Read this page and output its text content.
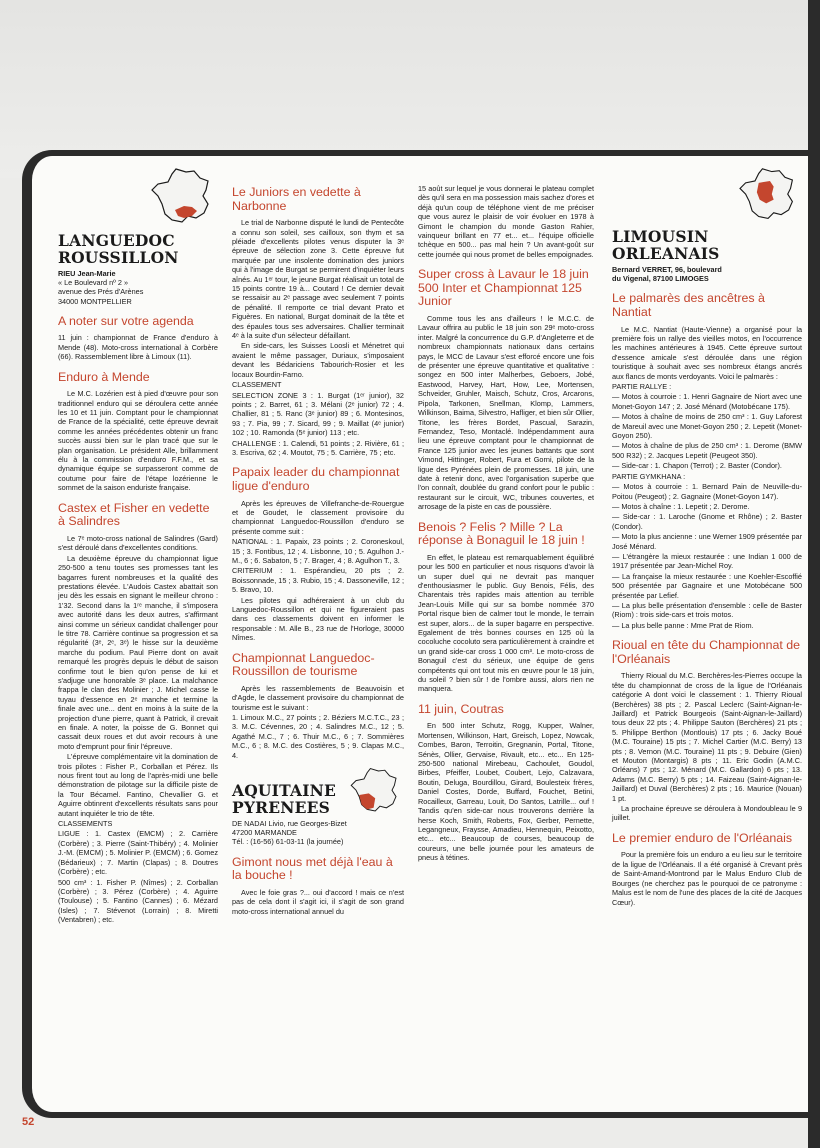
52
LANGUEDOC
ROUSSILLON
RIEU Jean-Marie
« Le Boulevard nº 2 »
avenue des Prés d'Arènes
34000 MONTPELLIER
A noter sur votre agenda

11 juin : championnat de France d'enduro à Mende (48). Moto-cross international à Corbère (66). Rassemblement libre à Limoux (11).

Enduro à Mende

Le M.C. Lozérien est à pied d'œuvre pour son traditionnel enduro qui se déroulera cette année les 10 et 11 juin. Comptant pour le championnat de France de la spécialité, cette épreuve devrait comme les années précédentes obtenir un franc succès aussi bien sur le plan tracé que sur le plan organisation. Le président Alle, brillamment élu à la commission d'enduro F.F.M., et sa dynamique équipe se surpasseront comme de coutume pour faire de l'étape lozérienne le sommet de la saison enduriste française.

Castex et Fisher en vedette à Salindres

Le 7ᵉ moto-cross national de Salindres (Gard) s'est déroulé dans d'excellentes conditions.

La deuxième épreuve du championnat ligue 250-500 a tenu toutes ses promesses tant les bagarres furent nombreuses et la qualité des prestations élevée. L'Audois Castex abattait son jeu dès les essais en signant le meilleur chrono : 1'32. Second dans la 1ʳᵉ manche, il s'imposera avec autorité dans les deux autres, s'affirmant ainsi comme un sérieux candidat challenger pour le titre 78. Carrière continue sa progression et sa régularité (3ᵉ, 2ᵉ, 3ᵉ) le hisse sur la deuxième marche du podium. Paul Pierre dont on avait remarqué les progrès depuis le début de saison confirme tout le bien qu'on pense de lui et s'adjuge une honorable 3ᵉ place. La malchance frappa le clan des Molinier ; J. Michel casse le tuyau d'essence en 2ᵉ manche et termine la finale avec une... dent en moins à la suite de la projection d'une pierre, quant à Patrick, il crevait en finale. A noter, la poisse de G. Bonnet qui cassait deux roues et dut avoir recours à une moto d'emprunt pour finir l'épreuve.

L'épreuve complémentaire vit la domination de trois pilotes : Fisher P., Corballan et Pérez. Ils nous firent tout au long de l'après-midi une belle démonstration de pilotage sur la difficile piste de la Tour Bécamel. Fantino, Chevallier G. et Aguirre obtinrent d'excellents résultats sans pour autant inquiéter le trio de tête.

CLASSEMENTS

LIGUE : 1. Castex (EMCM) ; 2. Carrière (Corbère) ; 3. Pierre (Saint-Thibéry) ; 4. Molinier J.-M. (EMCM) ; 5. Molinier P. (EMCM) ; 6. Gomez (Bédarieux) ; 7. Martin (Clapas) ; 8. Doutres (Corbère) ; etc.

500 cm³ : 1. Fisher P. (Nîmes) ; 2. Corballan (Corbère) ; 3. Pérez (Corbère) ; 4. Aguirre (Toulouse) ; 5. Fantino (Cannes) ; 6. Mézard (Isles) ; 7. Stévenot (Lorrain) ; 8. Miretti (Ventabren) ; etc.

Le Juniors en vedette à Narbonne

Le trial de Narbonne disputé le lundi de Pentecôte a connu son soleil, ses cailloux, son thym et sa pléiade d'excellents pilotes venus disputer la 3ᵉ épreuve de sélection zone 3. Cette épreuve fut marquée par une insolente domination des juniors qui à l'image de Burgat se permirent d'inquiéter leurs aînés. Au 1ᵉʳ tour, le jeune Burgat réalisait un total de 15 points contre 19 à... Coutard ! Ce dernier devait se ressaisir au 2ᵉ passage avec seulement 7 points de pénalité. Il remporte ce trial devant Prato et Figuères. En national, Burgat dominait de la tête et des épaules tous ses adversaires. Challier terminait 4ᵉ à la suite d'un sélecteur défaillant.

En side-cars, les Suisses Loosli et Ménetret qui avaient le même passager, Duriaux, s'imposaient devant les Bédariciens Tabourich-Rosier et les locaux Bourdin-Farno.

CLASSEMENT

SELECTION ZONE 3 : 1. Burgat (1ᵉʳ junior), 32 points ; 2. Barret, 61 ; 3. Mélani (2ᵉ junior) 72 ; 4. Challier, 81 ; 5. Ranc (3ᵉ junior) 89 ; 6. Montesinos, 93 ; 7. Pia, 99 ; 7. Sicard, 99 ; 9. Maillat (4ᵉ junior) 102 ; 10. Ramonda (5ᵉ junior) 113 ; etc.

CHALLENGE : 1. Calendi, 51 points ; 2. Rivière, 61 ; 3. Escriva, 62 ; 4. Moutot, 75 ; 5. Carrière, 75 ; etc.

Papaix leader du championnat ligue d'enduro

Après les épreuves de Villefranche-de-Rouergue et de Goudet, le classement provisoire du championnat Languedoc-Roussillon d'enduro se présente comme suit :

NATIONAL : 1. Papaix, 23 points ; 2. Coroneskoul, 15 ; 3. Fontibus, 12 ; 4. Lisbonne, 10 ; 5. Agulhon J.-M., 6 ; 6. Sabaton, 5 ; 7. Brager, 4 ; 8. Agulhon T., 3.

CRITERIUM : 1. Espérandieu, 20 pts ; 2. Boissonnade, 15 ; 3. Rubio, 15 ; 4. Dassoneville, 12 ; 5. Bravo, 10.

Les pilotes qui adhéreraient à un club du Languedoc-Roussillon et qui ne figureraient pas dans ces classements doivent en informer le responsable : M. Alle B., 23 rue de l'Horloge, 30000 Nîmes.

Championnat Languedoc-Roussillon de tourisme

Après les rassemblements de Beauvoisin et d'Agde, le classement provisoire du championnat de tourisme est le suivant :

1. Limoux M.C., 27 points ; 2. Béziers M.C.T.C., 23 ; 3. M.C. Cévennes, 20 ; 4. Salindres M.C., 12 ; 5. Agathé M.C., 7 ; 6. Thuir M.C., 6 ; 7. Sommières M.C., 6 ; 8. M.C. des Costières, 5 ; 9. Clapas M.C., 4.

AQUITAINE
PYRENEES
DE NADAI Livio, rue Georges-Bizet
47200 MARMANDE
Tél. : (16-56) 61-03-11 (la journée)
Gimont nous met déjà l'eau à la bouche !

Avec le foie gras ?... oui d'accord ! mais ce n'est pas de cela dont il s'agit ici, il s'agit de son grand moto-cross international annuel du

15 août sur lequel je vous donnerai le plateau complet dès qu'il sera en ma possession mais sachez d'ores et déjà qu'un coup de téléphone vient de me préciser que vous aurez le plaisir de voir évoluer en 1978 à Gimont le champion du monde Gaston Rahier, vainqueur brillant en 77 et... et... l'équipe officielle tchèque en 500... pas mal hein ? Un avant-goût sur cette journée qui nous promet de belles empoignades.

Super cross à Lavaur le 18 juin 500 Inter et Championnat 125 Junior

Comme tous les ans d'ailleurs ! le M.C.C. de Lavaur offrira au public le 18 juin son 29ᵉ moto-cross inter. Malgré la concurrence du G.P. d'Angleterre et de nombreux championnats nationaux dans certains pays, le MCC de Lavaur s'est efforcé encore une fois de présenter une épreuve quantitative et qualitative : songez en 500 inter Malherbes, Geboers, Jobé, Eastwood, Harvey, Hart, How, Lee, Mortensen, Schveider, Gruhler, Maisch, Schutz, Cros, Arcarons, Pipola, Tarkonen, Snellman, Klomp, Lammers, Wilkinson, Baima, Silvestro, Hafliger, et bien sûr Ollier, Titone, les frères Bordet, Pascual, Sarazin, Fernandez, Teso, Montaclé. Indépendamment aura lieu une épreuve comptant pour le championnat de France 125 junior avec les jeunes battants que sont Vimond, Hittinger, Robert, Fura et Gorni, pilote de la ligue des Pyrénées plein de promesses. 18 juin, une date à retenir donc, avec l'organisation superbe que l'on connaît, doublée du grand confort pour le public : restaurant sur le circuit, WC, tribunes couvertes, et arrosage de la piste en cas de poussière.

Benois ? Felis ? Mille ? La réponse à Bonaguil le 18 juin !

En effet, le plateau est remarquablement équilibré pour les 500 en particulier et nous risquons d'avoir là un super duel qui ne devrait pas manquer d'enthousiasmer le public. Guy Benois, Félis, des Charentais très rapides mais attention au terrible Jean-Louis Mille qui sur sa bombe nommée 370 Portal risque bien de calmer tout le monde, le terrain est super, alors... de la super bagarre en perspective. Egalement de très bonnes courses en 125 où la cocoluche cocoluto sera particulièrement à craindre et un grand side-car cross 1 000 cm³. Le moto-cross de Bonaguil c'est du sérieux, une équipe de gens compétents qui ont tout mis en œuvre pour le 18 juin, du soleil ? bien sûr ! de l'ombre aussi, alors rien ne manquera.

11 juin, Coutras

En 500 inter Schutz, Rogg, Kupper, Walner, Mortensen, Wilkinson, Hart, Greisch, Lopez, Nowcak, Combes, Baron, Terroitin, Gregnanin, Portal, Titone, Sénès, Ollier, Gervaise, Rivault, etc... etc... En 125-250-500 national Mirebeau, Cachoulet, Goudol, Birbes, Pfeiffer, Loubet, Coubert, Lejo, Calzavara, Boutin, Deluga, Bourdillou, Girard, Boulesteix frères, Daniel Costes, Dorde, Buffard, Fouchet, Betini, Rocailleux, Garreau, Louit, Do Santos, Latrille... ouf ! Tandis qu'en side-car nous trouverons derrière la herse Koch, Smith, Roberts, Fox, Gerber, Pernette, Legangneux, Fraysse, Amadieu, Hennequin, Peixotto, etc... etc... Beaucoup de courses, beaucoup de coureurs, une belle journée pour les amateurs de pneus à tétines.

LIMOUSIN
ORLEANAIS
Bernard VERRET, 96, boulevard
du Vigenal, 87100 LIMOGES
Le palmarès des ancêtres à Nantiat

Le M.C. Nantiat (Haute-Vienne) a organisé pour la première fois un rallye des vieilles motos, en l'occurrence les machines antérieures à 1945. Cette épreuve surtout d'essence amicale s'est déroulée dans une région touristique à souhait avec ses nombreux étangs ancrés aux flancs de monts verdoyants. Voici le palmarès :

PARTIE RALLYE :

— Motos à courroie : 1. Henri Gagnaire de Niort avec une Monet-Goyon 147 ; 2. José Ménard (Motobécane 175).

— Motos à chaîne de moins de 250 cm³ : 1. Guy Laforest de Mareuil avec une Monet-Goyon 250 ; 2. Lepetit (Monet-Goyon 250).

— Motos à chaîne de plus de 250 cm³ : 1. Derome (BMW 500 R32) ; 2. Jacques Lepetit (Peugeot 350).

— Side-car : 1. Chapon (Terrot) ; 2. Baster (Condor).

PARTIE GYMKHANA :

— Motos à courroie : 1. Bernard Pain de Neuville-du-Poitou (Peugeot) ; 2. Gagnaire (Monet-Goyon 147).

— Motos à chaîne : 1. Lepetit ; 2. Derome.

— Side-car : 1. Laroche (Gnome et Rhône) ; 2. Baster (Condor).

— Moto la plus ancienne : une Werner 1909 présentée par José Ménard.

— L'étrangère la mieux restaurée : une Indian 1 000 de 1917 présentée par Jean-Michel Roy.

— La française la mieux restaurée : une Koehler-Escoffié 500 présentée par Gagnaire et une Motobécane 500 présentée par Lefief.

— La plus belle présentation d'ensemble : celle de Baster (Riom) : trois side-cars et trois motos.

— La plus belle panne : Mme Prat de Riom.

Rioual en tête du Championnat de l'Orléanais

Thierry Rioual du M.C. Berchères-les-Pierres occupe la tête du championnat de cross de la ligue de l'Orléanais catégorie A dont voici le classement : 1. Thierry Rioual (Berchères) 38 pts ; 2. Pascal Leclerc (Saint-Aignan-le-Jaillard) et Patrick Bourgeois (Saint-Aignan-le-Jaillard) tous deux 22 pts ; 4. Philippe Sauton (Berchères) 21 pts ; 5. Philippe Berthon (Montlouis) 17 pts ; 6. Jacky Boué (M.C. Touraine) 15 pts ; 7. Michel Cartier (M.C. Berry) 13 pts ; 8. Vernon (M.C. Touraine) 11 pts ; 9. Debuire (Gien) et Mouton (Montargis) 8 pts ; 11. Eric Godin (A.M.C. Orléans) 7 pts ; 12. Ménard (M.C. Gallardon) 6 pts ; 13. Adams (M.C. Berry) 5 pts ; 14. Faizeau (Saint-Aignan-le-Jaillard) et Duval (Berchères) 2 pts ; 16. Maurice (Nouan) 1 pt.

La prochaine épreuve se déroulera à Mondoubleau le 9 juillet.

Le premier enduro de l'Orléanais

Pour la première fois un enduro a eu lieu sur le territoire de la ligue de l'Orléanais. Il a été organisé à Crevant près de Saint-Amand-Montrond par le Malus Enduro Club de Bourges (ne cherchez pas le pourquoi de ce patronyme : Malus est le nom de l'une des places de la cité de Jacques Cœur).
